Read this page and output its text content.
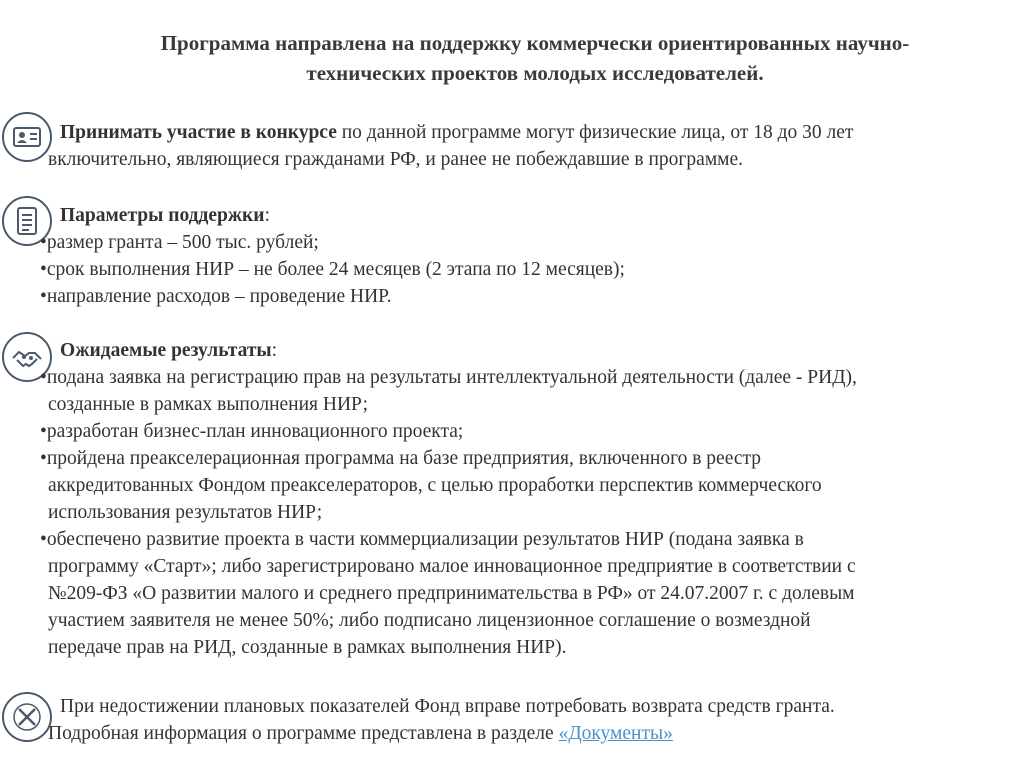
Программа направлена на поддержку коммерчески ориентированных научно-
технических проектов молодых исследователей.
Принимать участие в конкурсе по данной программе могут физические лица, от 18 до 30 лет
включительно, являющиеся гражданами РФ, и ранее не побеждавшие в программе.
Параметры поддержки:
•размер гранта – 500 тыс. рублей;
•срок выполнения НИР – не более 24 месяцев (2 этапа по 12 месяцев);
•направление расходов – проведение НИР.
Ожидаемые результаты:
•подана заявка на регистрацию прав на результаты интеллектуальной деятельности (далее - РИД),
созданные в рамках выполнения НИР;
•разработан бизнес-план инновационного проекта;
•пройдена преакселерационная программа на базе предприятия, включенного в реестр
аккредитованных Фондом преакселераторов, с целью проработки перспектив коммерческого
использования результатов НИР;
•обеспечено развитие проекта в части коммерциализации результатов НИР (подана заявка в
программу «Старт»; либо зарегистрировано малое инновационное предприятие в соответствии с
№209-ФЗ «О развитии малого и среднего предпринимательства в РФ» от 24.07.2007 г. с долевым
участием заявителя не менее 50%; либо подписано лицензионное соглашение о возмездной
передаче прав на РИД, созданные в рамках выполнения НИР).
При недостижении плановых показателей Фонд вправе потребовать возврата средств гранта.
Подробная информация о программе представлена в разделе «Документы»
